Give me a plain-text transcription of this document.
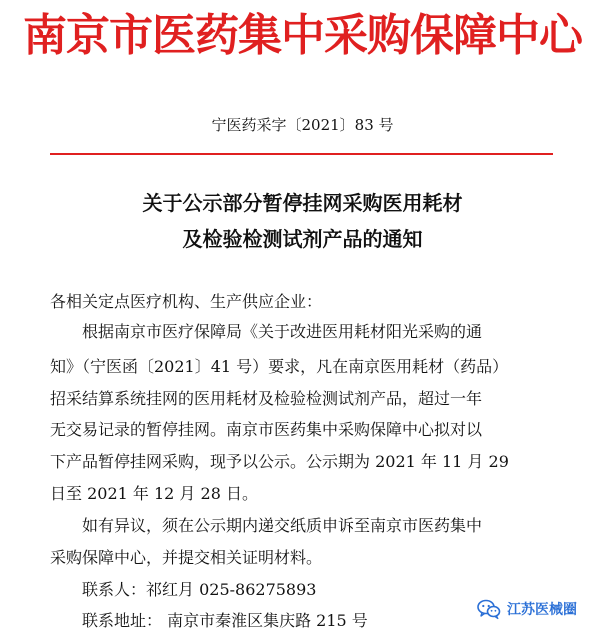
南京市医药集中采购保障中心
宁医药采字〔2021〕83 号
关于公示部分暂停挂网采购医用耗材
及检验检测试剂产品的通知
各相关定点医疗机构、生产供应企业：
根据南京市医疗保障局《关于改进医用耗材阳光采购的通
知》（宁医函〔2021〕41 号）要求，凡在南京医用耗材（药品）
招采结算系统挂网的医用耗材及检验检测试剂产品，超过一年
无交易记录的暂停挂网。南京市医药集中采购保障中心拟对以
下产品暂停挂网采购，现予以公示。公示期为 2021 年 11 月 29
日至 2021 年 12 月 28 日。
如有异议，须在公示期内递交纸质申诉至南京市医药集中
采购保障中心，并提交相关证明材料。
联系人：祁红月 025-86275893
联系地址： 南京市秦淮区集庆路 215 号
江苏医械圈
